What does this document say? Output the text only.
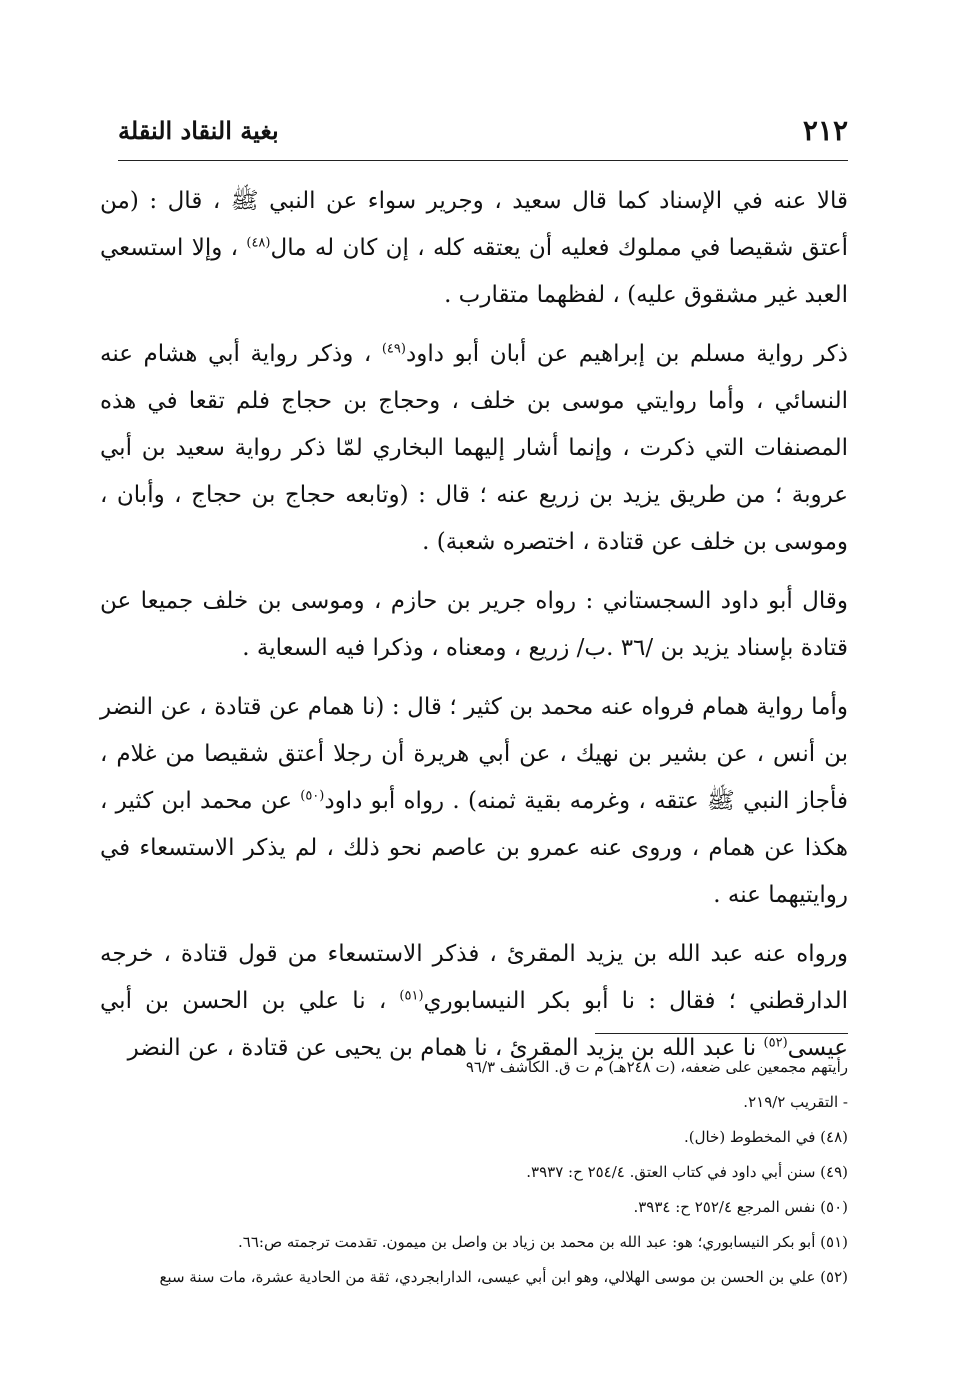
٢١٢
بغية النقاد النقلة

قالا عنه في الإسناد كما قال سعيد ، وجرير سواء عن النبي ﷺ ، قال : (من أعتق شقيصا في مملوك فعليه أن يعتقه كله ، إن كان له مال$^{(٤٨)}$ ، وإلا استسعي العبد غير مشقوق عليه) ، لفظهما متقارب .

ذكر رواية مسلم بن إبراهيم عن أبان أبو داود$^{(٤٩)}$ ، وذكر رواية أبي هشام عنه النسائي ، وأما روايتي موسى بن خلف ، وحجاج بن حجاج فلم تقعا في هذه المصنفات التي ذكرت ، وإنما أشار إليهما البخاري لمّا ذكر رواية سعيد بن أبي عروبة ؛ من طريق يزيد بن زريع عنه ؛ قال : (وتابعه حجاج بن حجاج ، وأبان ، وموسى بن خلف عن قتادة ، اختصره شعبة) .

وقال أبو داود السجستاني : رواه جرير بن حازم ، وموسى بن خلف جميعا عن قتادة بإسناد يزيد بن /٣٦ .ب/ زريع ، ومعناه ، وذكرا فيه السعاية .

وأما رواية همام فرواه عنه محمد بن كثير ؛ قال : (نا همام عن قتادة ، عن النضر بن أنس ، عن بشير بن نهيك ، عن أبي هريرة أن رجلا أعتق شقيصا من غلام ، فأجاز النبي ﷺ عتقه ، وغرمه بقية ثمنه) . رواه أبو داود$^{(٥٠)}$ عن محمد ابن كثير ، هكذا عن همام ، وروى عنه عمرو بن عاصم نحو ذلك ، لم يذكر الاستسعاء في روايتيهما عنه .

ورواه عنه عبد الله بن يزيد المقرئ ، فذكر الاستسعاء من قول قتادة ، خرجه الدارقطني ؛ فقال : نا أبو بكر النيسابوري$^{(٥١)}$ ، نا علي بن الحسن بن أبي عيسى$^{(٥٢)}$ نا عبد الله بن يزيد المقرئ ، نا همام بن يحيى عن قتادة ، عن النضر

رأيتهم مجمعين على ضعفه، (ت ٢٤٨هـ) م ت ق. الكاشف ٩٦/٣
- التقريب ٢١٩/٢.
(٤٨) في المخطوط (خال).
(٤٩) سنن أبي داود في كتاب العتق. ٢٥٤/٤ ح: ٣٩٣٧.
(٥٠) نفس المرجع ٢٥٢/٤ ح: ٣٩٣٤.
(٥١) أبو بكر النيسابوري؛ هو: عبد الله بن محمد بن زياد بن واصل بن ميمون. تقدمت ترجمته ص:٦٦.
(٥٢) علي بن الحسن بن موسى الهلالي، وهو ابن أبي عيسى، الدارابجردي، ثقة من الحادية عشرة، مات سنة سبع
